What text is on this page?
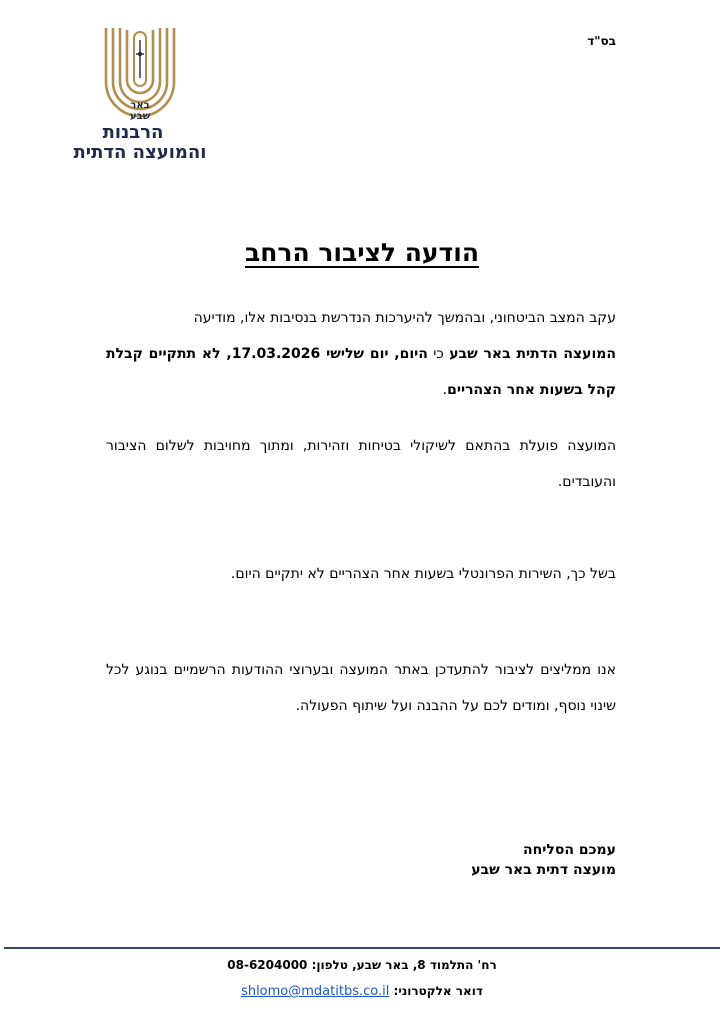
בס"ד
באר
שבע
הרבנות
והמועצה הדתית
הודעה לציבור הרחב
עקב המצב הביטחוני, ובהמשך להיערכות הנדרשת בנסיבות אלו, מודיעה
המועצה הדתית באר שבע כי היום, יום שלישי 17.03.2026, לא תתקיים קבלת קהל בשעות אחר הצהריים.
המועצה פועלת בהתאם לשיקולי בטיחות וזהירות, ומתוך מחויבות לשלום הציבור והעובדים.
בשל כך, השירות הפרונטלי בשעות אחר הצהריים לא יתקיים היום.
אנו ממליצים לציבור להתעדכן באתר המועצה ובערוצי ההודעות הרשמיים בנוגע לכל שינוי נוסף, ומודים לכם על ההבנה ועל שיתוף הפעולה.
עמכם הסליחה
מועצה דתית באר שבע
רח' התלמוד 8, באר שבע, טלפון: 08-6204000
דואר אלקטרוני: shlomo@mdatitbs.co.il
